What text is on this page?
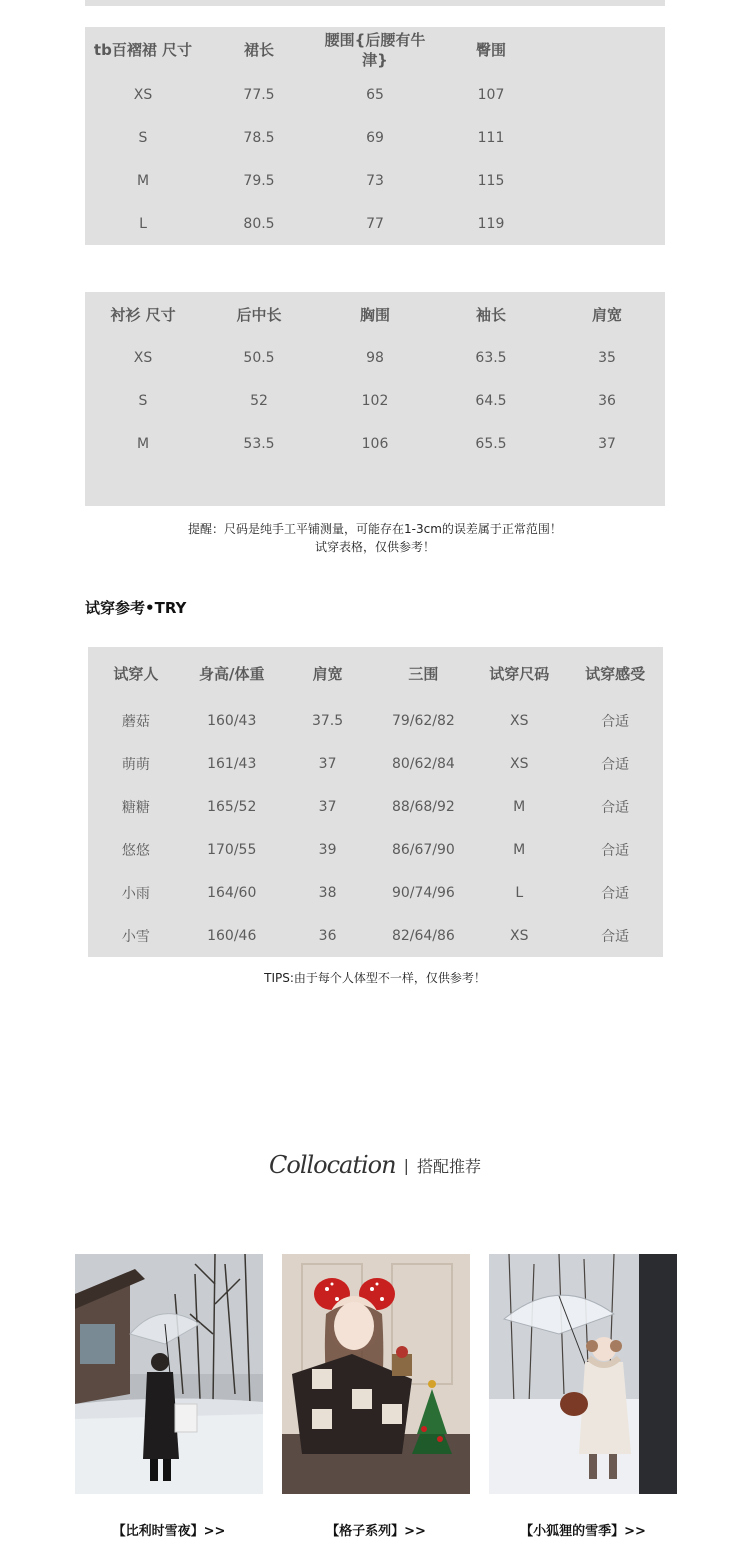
tb百褶裙 尺寸	裙长	腰围{后腰有牛津}	臀围	
XS	77.5	65	107	
S	78.5	69	111	
M	79.5	73	115	
L	80.5	77	119	
衬衫 尺寸	后中长	胸围	袖长	肩宽
XS	50.5	98	63.5	35
S	52	102	64.5	36
M	53.5	106	65.5	37

提醒：尺码是纯手工平铺测量，可能存在1-3cm的误差属于正常范围！
试穿表格，仅供参考！
试穿参考•TRY
试穿人	身高/体重	肩宽	三围	试穿尺码	试穿感受
蘑菇	160/43	37.5	79/62/82	XS	合适
萌萌	161/43	37	80/62/84	XS	合适
糖糖	165/52	37	88/68/92	M	合适
悠悠	170/55	39	86/67/90	M	合适
小雨	164/60	38	90/74/96	L	合适
小雪	160/46	36	82/64/86	XS	合适
TIPS:由于每个人体型不一样，仅供参考！
Collocation | 搭配推荐
【比利时雪夜】>>	【格子系列】>>	【小狐狸的雪季】>>
